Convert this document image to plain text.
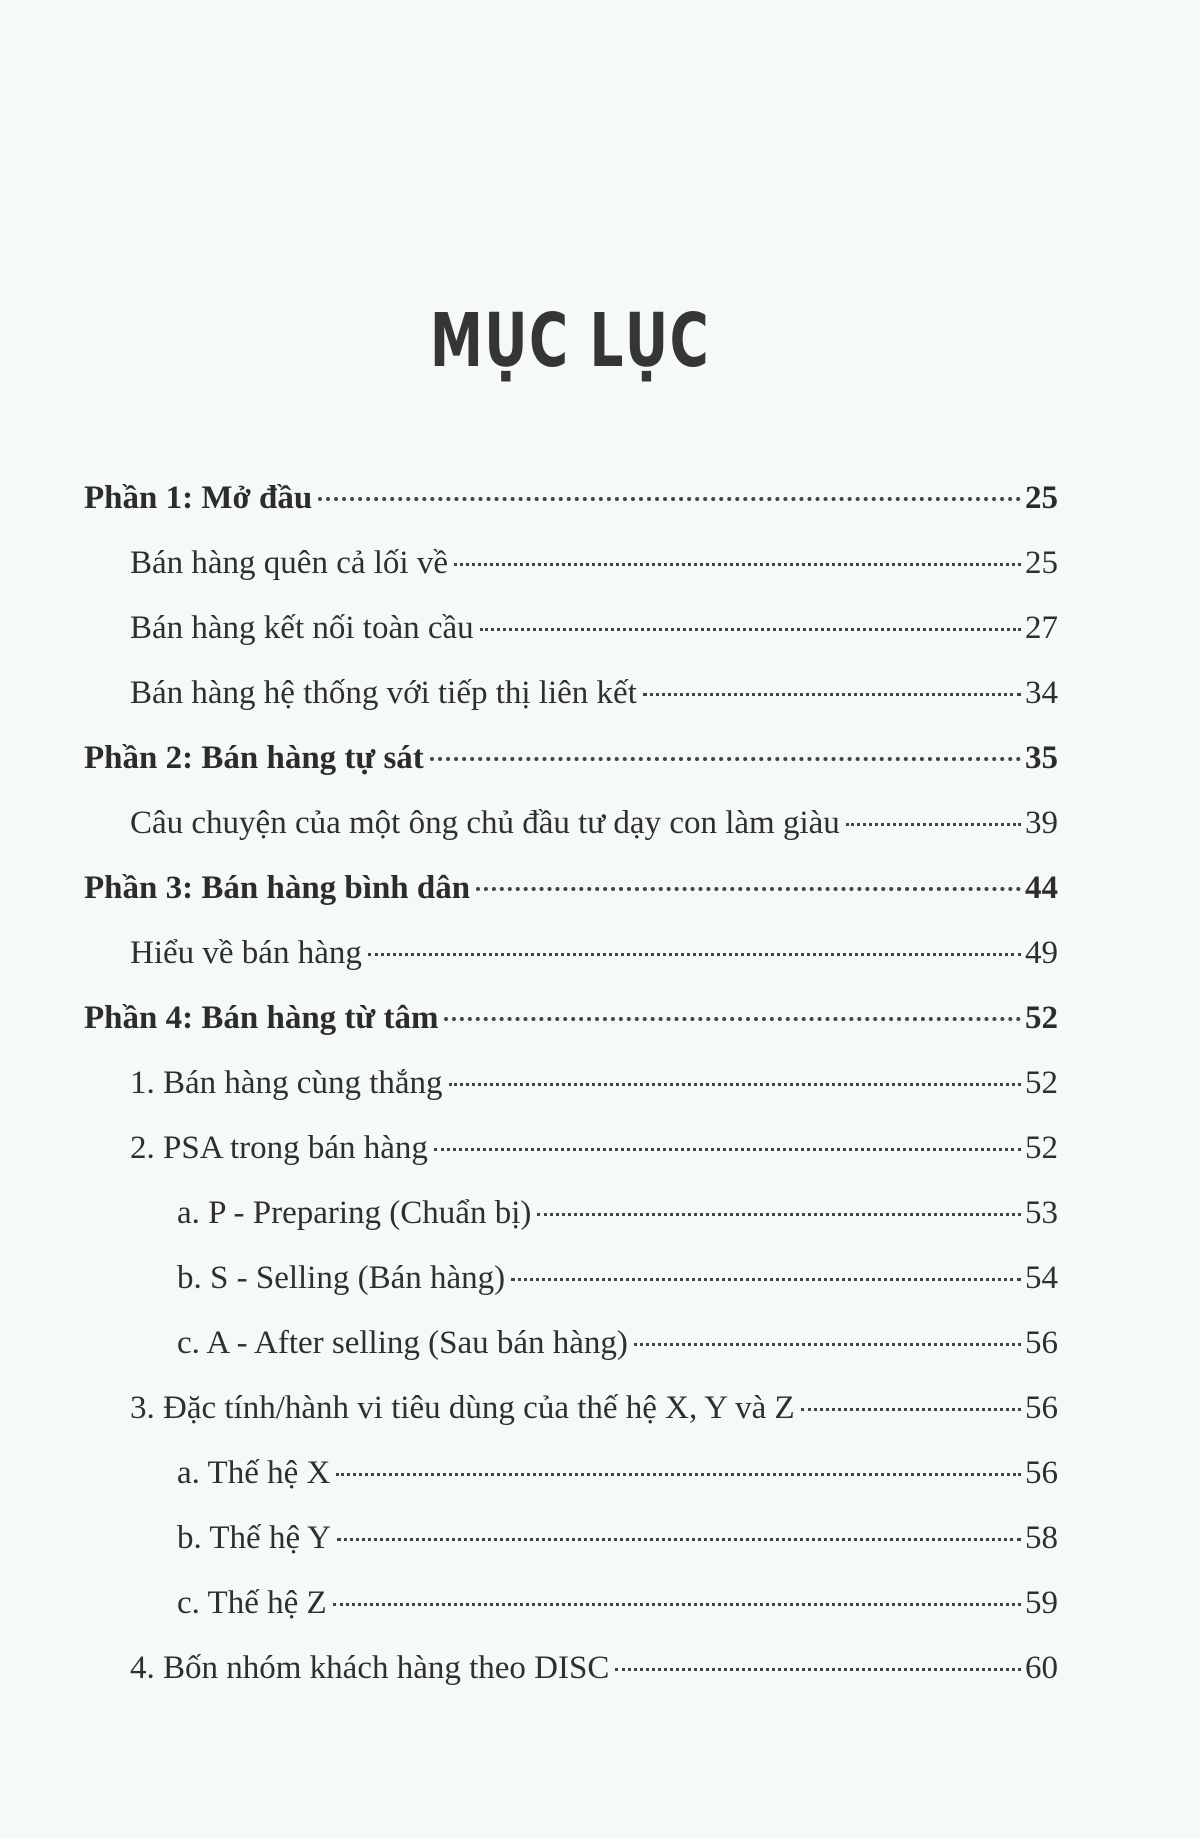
MỤC LỤC
Phần 1: Mở đầu	25
Bán hàng quên cả lối về	25
Bán hàng kết nối toàn cầu	27
Bán hàng hệ thống với tiếp thị liên kết	34
Phần 2: Bán hàng tự sát	35
Câu chuyện của một ông chủ đầu tư dạy con làm giàu	39
Phần 3: Bán hàng bình dân	44
Hiểu về bán hàng	49
Phần 4: Bán hàng từ tâm	52
1. Bán hàng cùng thắng	52
2. PSA trong bán hàng	52
a. P - Preparing (Chuẩn bị)	53
b. S - Selling (Bán hàng)	54
c. A - After selling (Sau bán hàng)	56
3. Đặc tính/hành vi tiêu dùng của thế hệ X, Y và Z	56
a. Thế hệ X	56
b. Thế hệ Y	58
c. Thế hệ Z	59
4. Bốn nhóm khách hàng theo DISC	60
